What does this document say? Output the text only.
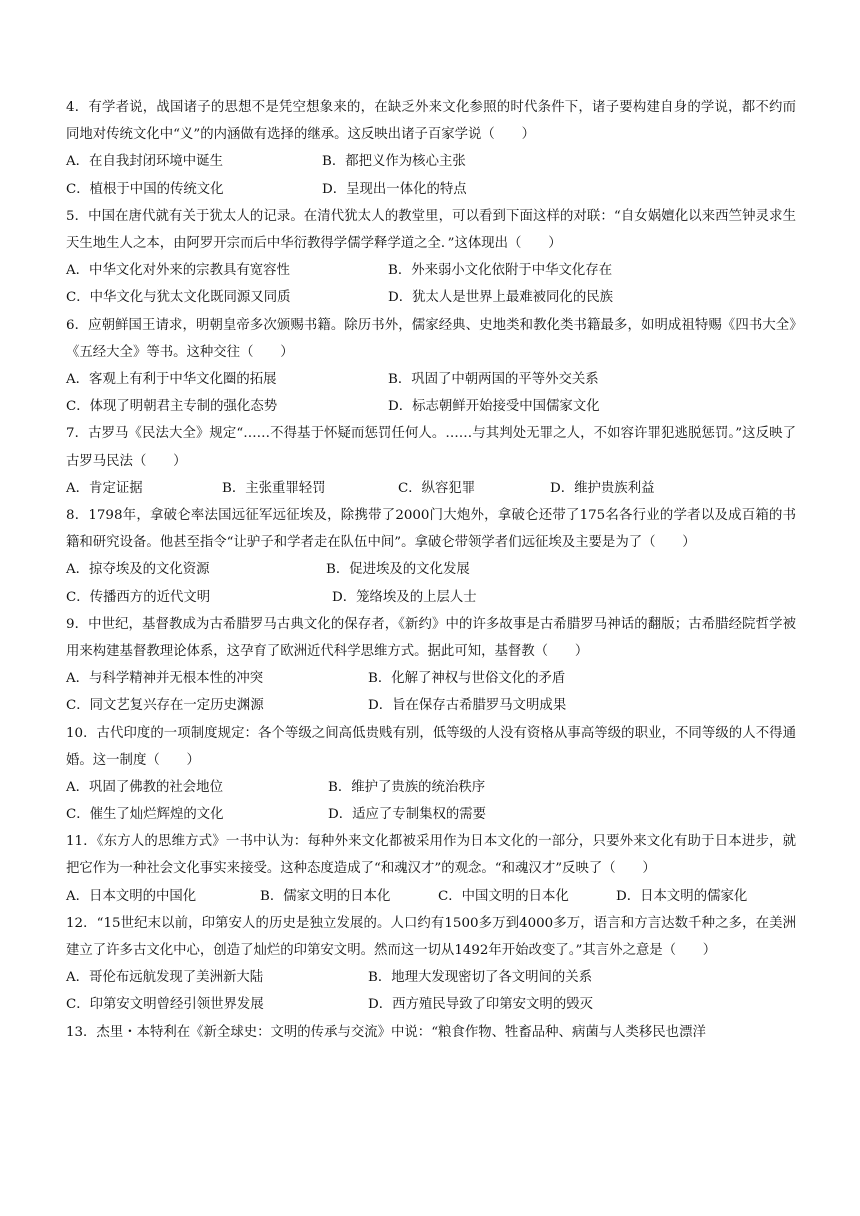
4．有学者说，战国诸子的思想不是凭空想象来的，在缺乏外来文化参照的时代条件下，诸子要构建自身的学说，都不约而同地对传统文化中“义”的内涵做有选择的继承。这反映出诸子百家学说（　　）

A．在自我封闭环境中诞生	B．都把义作为核心主张
C．植根于中国的传统文化	D．呈现出一体化的特点

5．中国在唐代就有关于犹太人的记录。在清代犹太人的教堂里，可以看到下面这样的对联：“自女娲嬗化以来西竺钟灵求生天生地生人之本，由阿罗开宗而后中华衍教得学儒学释学道之全．”这体现出（　　）

A．中华文化对外来的宗教具有宽容性	B．外来弱小文化依附于中华文化存在
C．中华文化与犹太文化既同源又同质	D．犹太人是世界上最难被同化的民族

6．应朝鲜国王请求，明朝皇帝多次颁赐书籍。除历书外，儒家经典、史地类和教化类书籍最多，如明成祖特赐《四书大全》《五经大全》等书。这种交往（　　）

A．客观上有利于中华文化圈的拓展	B．巩固了中朝两国的平等外交关系
C．体现了明朝君主专制的强化态势	D．标志朝鲜开始接受中国儒家文化

7．古罗马《民法大全》规定“……不得基于怀疑而惩罚任何人。……与其判处无罪之人，不如容许罪犯逃脱惩罚。”这反映了古罗马民法（　　）

A．肯定证据	B．主张重罪轻罚	C．纵容犯罪	D．维护贵族利益

8．1798年，拿破仑率法国远征军远征埃及，除携带了2000门大炮外，拿破仑还带了175名各行业的学者以及成百箱的书籍和研究设备。他甚至指令“让驴子和学者走在队伍中间”。拿破仑带领学者们远征埃及主要是为了（　　）

A．掠夺埃及的文化资源	B．促进埃及的文化发展
C．传播西方的近代文明	D．笼络埃及的上层人士

9．中世纪，基督教成为古希腊罗马古典文化的保存者，《新约》中的许多故事是古希腊罗马神话的翻版；古希腊经院哲学被用来构建基督教理论体系，这孕育了欧洲近代科学思维方式。据此可知，基督教（　　）

A．与科学精神并无根本性的冲突	B．化解了神权与世俗文化的矛盾
C．同文艺复兴存在一定历史渊源	D．旨在保存古希腊罗马文明成果

10．古代印度的一项制度规定：各个等级之间高低贵贱有别，低等级的人没有资格从事高等级的职业，不同等级的人不得通婚。这一制度（　　）

A．巩固了佛教的社会地位	B．维护了贵族的统治秩序
C．催生了灿烂辉煌的文化	D．适应了专制集权的需要

11．《东方人的思维方式》一书中认为：每种外来文化都被采用作为日本文化的一部分，只要外来文化有助于日本进步，就把它作为一种社会文化事实来接受。这种态度造成了“和魂汉才”的观念。“和魂汉才”反映了（　　）

A．日本文明的中国化	B．儒家文明的日本化	C．中国文明的日本化	D．日本文明的儒家化

12．“15世纪末以前，印第安人的历史是独立发展的。人口约有1500多万到4000多万，语言和方言达数千种之多，在美洲建立了许多古文化中心，创造了灿烂的印第安文明。然而这一切从1492年开始改变了。”其言外之意是（　　）

A．哥伦布远航发现了美洲新大陆	B．地理大发现密切了各文明间的关系
C．印第安文明曾经引领世界发展	D．西方殖民导致了印第安文明的毁灭

13．杰里・本特利在《新全球史：文明的传承与交流》中说：“粮食作物、牲畜品种、病菌与人类移民也漂洋
